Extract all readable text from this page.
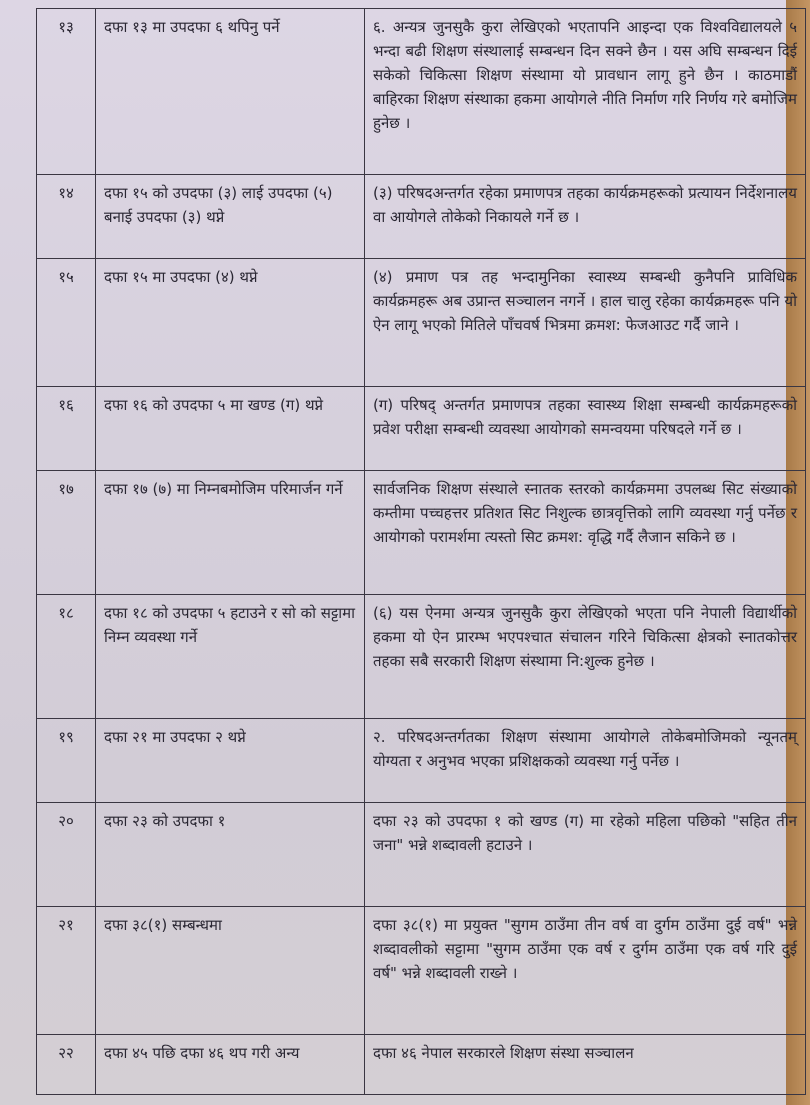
१३	दफा १३ मा उपदफा ६ थपिनु पर्ने	६. अन्यत्र जुनसुकै कुरा लेखिएको भएतापनि आइन्दा एक विश्वविद्यालयले ५ भन्दा बढी शिक्षण संस्थालाई सम्बन्धन दिन सक्ने छैन । यस अघि सम्बन्धन दिई सकेको चिकित्सा शिक्षण संस्थामा यो प्रावधान लागू हुने छैन । काठमाडौं बाहिरका शिक्षण संस्थाका हकमा आयोगले नीति निर्माण गरि निर्णय गरे बमोजिम हुनेछ ।
१४	दफा १५ को उपदफा (३) लाई उपदफा (५) बनाई उपदफा (३) थप्ने	(३) परिषदअन्तर्गत रहेका प्रमाणपत्र तहका कार्यक्रमहरूको प्रत्यायन निर्देशनालय वा आयोगले तोकेको निकायले गर्ने छ ।
१५	दफा १५ मा उपदफा (४) थप्ने	(४) प्रमाण पत्र तह भन्दामुनिका स्वास्थ्य सम्बन्धी कुनैपनि प्राविधिक कार्यक्रमहरू अब उप्रान्त सञ्चालन नगर्ने । हाल चालु रहेका कार्यक्रमहरू पनि यो ऐन लागू भएको मितिले पाँचवर्ष भित्रमा क्रमश: फेजआउट गर्दै जाने ।
१६	दफा १६ को उपदफा ५ मा खण्ड (ग) थप्ने	(ग) परिषद् अन्तर्गत प्रमाणपत्र तहका स्वास्थ्य शिक्षा सम्बन्धी कार्यक्रमहरूको प्रवेश परीक्षा सम्बन्धी व्यवस्था आयोगको समन्वयमा परिषदले गर्ने छ ।
१७	दफा १७ (७) मा निम्नबमोजिम परिमार्जन गर्ने	सार्वजनिक शिक्षण संस्थाले स्नातक स्तरको कार्यक्रममा उपलब्ध सिट संख्याको कम्तीमा पच्चहत्तर प्रतिशत सिट निशुल्क छात्रवृत्तिको लागि व्यवस्था गर्नु पर्नेछ र आयोगको परामर्शमा त्यस्तो सिट क्रमश: वृद्धि गर्दै लैजान सकिने छ ।
१८	दफा १८ को उपदफा ५ हटाउने र सो को सट्टामा निम्न व्यवस्था गर्ने	(६) यस ऐनमा अन्यत्र जुनसुकै कुरा लेखिएको भएता पनि नेपाली विद्यार्थीको हकमा यो ऐन प्रारम्भ भएपश्चात संचालन गरिने चिकित्सा क्षेत्रको स्नातकोत्तर तहका सबै सरकारी शिक्षण संस्थामा नि:शुल्क हुनेछ ।
१९	दफा २१ मा उपदफा २ थप्ने	२. परिषदअन्तर्गतका शिक्षण संस्थामा आयोगले तोकेबमोजिमको न्यूनतम् योग्यता र अनुभव भएका प्रशिक्षकको व्यवस्था गर्नु पर्नेछ ।
२०	दफा २३ को उपदफा १	दफा २३ को उपदफा १ को खण्ड (ग) मा रहेको महिला पछिको "सहित तीन जना" भन्ने शब्दावली हटाउने ।
२१	दफा ३८(१) सम्बन्धमा	दफा ३८(१) मा प्रयुक्त "सुगम ठाउँमा तीन वर्ष वा दुर्गम ठाउँमा दुई वर्ष" भन्ने शब्दावलीको सट्टामा "सुगम ठाउँमा एक वर्ष र दुर्गम ठाउँमा एक वर्ष गरि दुई वर्ष" भन्ने शब्दावली राख्ने ।
२२	दफा ४५ पछि दफा ४६ थप गरी अन्य	दफा ४६ नेपाल सरकारले शिक्षण संस्था सञ्चालन
